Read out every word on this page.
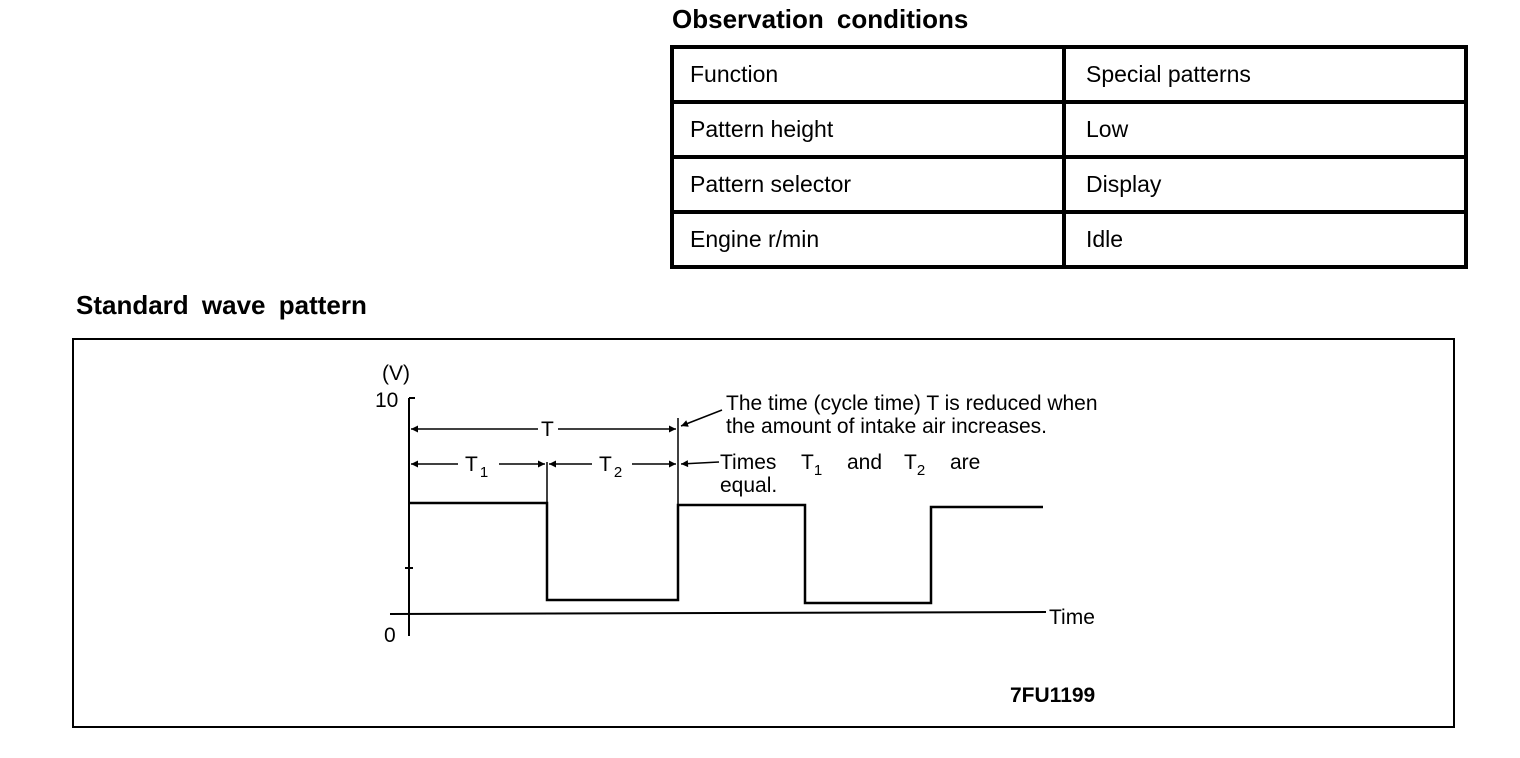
Observation conditions
Function	Special patterns
Pattern height	Low
Pattern selector	Display
Engine r/min	Idle
Standard wave pattern
(V)
10
0
Time
T
T $_1$	T $_2$
The time (cycle time) T is reduced when
the amount of intake air increases.
Times $T_1$ and $T_2$ are
equal.
7FU1199
